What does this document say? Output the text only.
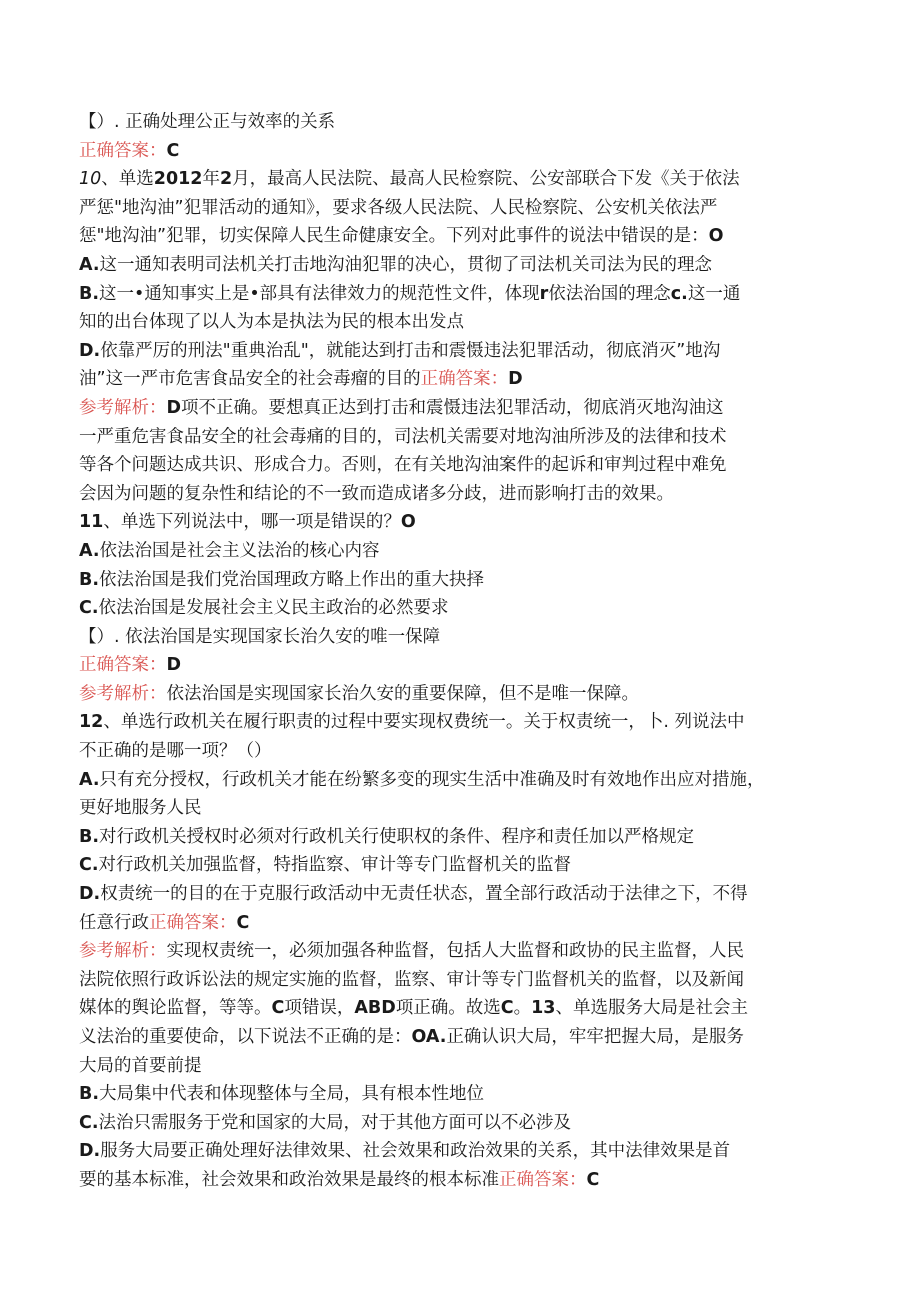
【）. 正确处理公正与效率的关系
正确答案：C
10、单选2012年2月，最高人民法院、最高人民检察院、公安部联合下发《关于依法
严惩"地沟油”犯罪活动的通知》，要求各级人民法院、人民检察院、公安机关依法严
惩"地沟油”犯罪，切实保障人民生命健康安全。下列对此事件的说法中错误的是：O
A.这一通知表明司法机关打击地沟油犯罪的决心，贯彻了司法机关司法为民的理念
B.这一•通知事实上是•部具有法律效力的规范性文件，体现r依法治国的理念c.这一通
知的出台体现了以人为本是执法为民的根本出发点
D.依靠严厉的刑法"重典治乱"，就能达到打击和震慑违法犯罪活动，彻底消灭”地沟
油”这一严市危害食品安全的社会毒瘤的目的正确答案：D
参考解析：D项不正确。要想真正达到打击和震慑违法犯罪活动，彻底消灭地沟油这
一严重危害食品安全的社会毒痛的目的，司法机关需要对地沟油所涉及的法律和技术
等各个问题达成共识、形成合力。否则，在有关地沟油案件的起诉和审判过程中难免
会因为问题的复杂性和结论的不一致而造成诸多分歧，进而影响打击的效果。
11、单选下列说法中，哪一项是错误的？O
A.依法治国是社会主义法治的核心内容
B.依法治国是我们党治国理政方略上作出的重大抉择
C.依法治国是发展社会主义民主政治的必然要求
【）. 依法治国是实现国家长治久安的唯一保障
正确答案：D
参考解析：依法治国是实现国家长治久安的重要保障，但不是唯一保障。
12、单选行政机关在履行职责的过程中要实现权费统一。关于权责统一，卜. 列说法中
不正确的是哪一项？（）
A.只有充分授权，行政机关才能在纷繁多变的现实生活中准确及时有效地作出应对措施，
更好地服务人民
B.对行政机关授权时必须对行政机关行使职权的条件、程序和责任加以严格规定
C.对行政机关加强监督，特指监察、审计等专门监督机关的监督
D.权责统一的目的在于克服行政活动中无责任状态，置全部行政活动于法律之下，不得
任意行政正确答案：C
参考解析：实现权责统一，必须加强各种监督，包括人大监督和政协的民主监督，人民
法院依照行政诉讼法的规定实施的监督，监察、审计等专门监督机关的监督，以及新闻
媒体的舆论监督，等等。C项错误，ABD项正确。故选C。13、单选服务大局是社会主
义法治的重要使命，以下说法不正确的是：OA.正确认识大局，牢牢把握大局，是服务
大局的首要前提
B.大局集中代表和体现整体与全局，具有根本性地位
C.法治只需服务于党和国家的大局，对于其他方面可以不必涉及
D.服务大局要正确处理好法律效果、社会效果和政治效果的关系，其中法律效果是首
要的基本标准，社会效果和政治效果是最终的根本标准正确答案：C
